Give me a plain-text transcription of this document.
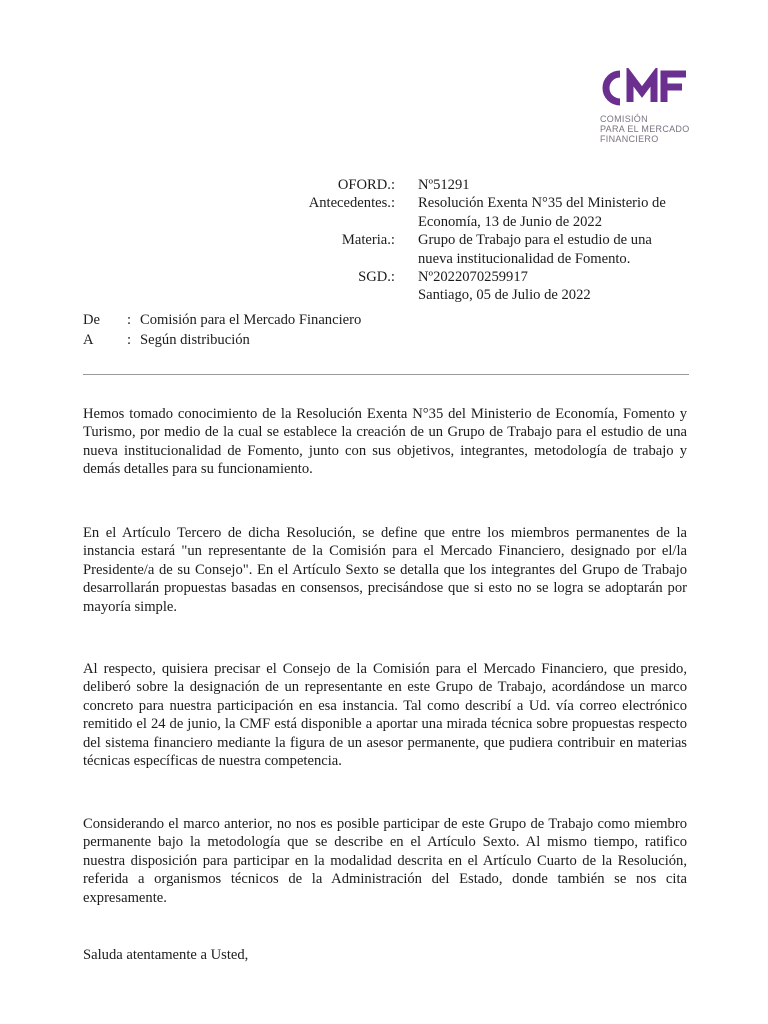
COMISIÓN
PARA EL MERCADO
FINANCIERO
OFORD.: Nº51291
Antecedentes.: Resolución Exenta N°35 del Ministerio de
Economía, 13 de Junio de 2022
Materia.: Grupo de Trabajo para el estudio de una
nueva institucionalidad de Fomento.
SGD.: Nº2022070259917
Santiago, 05 de Julio de 2022
De	: Comisión para el Mercado Financiero
A	: Según distribución
Hemos tomado conocimiento de la Resolución Exenta N°35 del Ministerio de Economía, Fomento y Turismo, por medio de la cual se establece la creación de un Grupo de Trabajo para el estudio de una nueva institucionalidad de Fomento, junto con sus objetivos, integrantes, metodología de trabajo y demás detalles para su funcionamiento.
En el Artículo Tercero de dicha Resolución, se define que entre los miembros permanentes de la instancia estará "un representante de la Comisión para el Mercado Financiero, designado por el/la Presidente/a de su Consejo". En el Artículo Sexto se detalla que los integrantes del Grupo de Trabajo desarrollarán propuestas basadas en consensos, precisándose que si esto no se logra se adoptarán por mayoría simple.
Al respecto, quisiera precisar el Consejo de la Comisión para el Mercado Financiero, que presido, deliberó sobre la designación de un representante en este Grupo de Trabajo, acordándose un marco concreto para nuestra participación en esa instancia. Tal como describí a Ud. vía correo electrónico remitido el 24 de junio, la CMF está disponible a aportar una mirada técnica sobre propuestas respecto del sistema financiero mediante la figura de un asesor permanente, que pudiera contribuir en materias técnicas específicas de nuestra competencia.
Considerando el marco anterior, no nos es posible participar de este Grupo de Trabajo como miembro permanente bajo la metodología que se describe en el Artículo Sexto. Al mismo tiempo, ratifico nuestra disposición para participar en la modalidad descrita en el Artículo Cuarto de la Resolución, referida a organismos técnicos de la Administración del Estado, donde también se nos cita expresamente.
Saluda atentamente a Usted,
